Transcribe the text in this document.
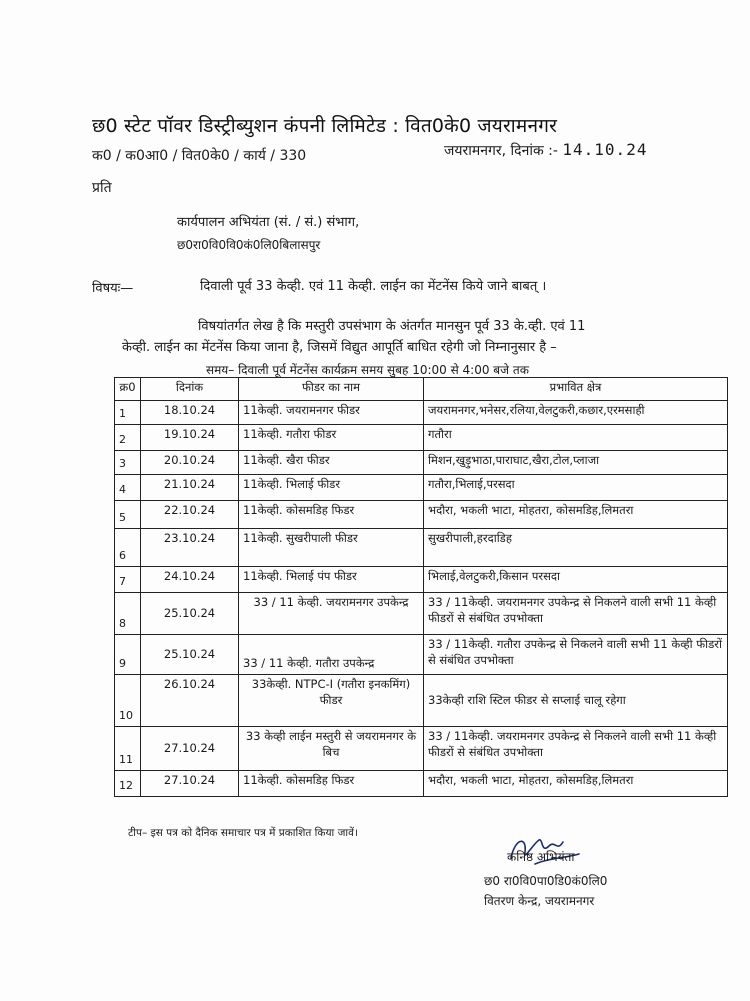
छ0 स्टेट पॉवर डिस्ट्रीब्युशन कंपनी लिमिटेड : वित0के0 जयरामनगर
क0 / क0आ0 / वित0के0 / कार्य / 330	जयरामनगर, दिनांक :- 14.10.24
प्रति
कार्यपालन अभियंता (सं. / सं.) संभाग,
छ0रा0वि0वि0कं0लि0बिलासपुर
विषयः—	दिवाली पूर्व 33 केव्ही. एवं 11 केव्ही. लाईन का मेंटनेंस किये जाने बाबत् ।
विषयांतर्गत लेख है कि मस्तुरी उपसंभाग के अंतर्गत मानसुन पूर्व 33 के.व्ही. एवं 11
केव्ही. लाईन का मेंटनेंस किया जाना है, जिसमें विद्युत आपूर्ति बाधित रहेगी जो निम्नानुसार है –
समय– दिवाली पूर्व मेंटनेंस कार्यक्रम समय सुबह 10:00 से 4:00 बजे तक
क्र0	दिनांक	फीडर का नाम	प्रभावित क्षेत्र
1	18.10.24	11केव्ही. जयरामनगर फीडर	जयरामनगर,भनेसर,रलिया,वेलटुकरी,कछार,एरमसाही
2	19.10.24	11केव्ही. गतौरा फीडर	गतौरा
3	20.10.24	11केव्ही. खैरा फीडर	मिशन,खुड़ुभाठा,पाराघाट,खैरा,टोल,प्लाजा
4	21.10.24	11केव्ही. भिलाई फीडर	गतौरा,भिलाई,परसदा
5	22.10.24	11केव्ही. कोसमडिह फिडर	भदौरा, भकली भाटा, मोहतरा, कोसमडिह,लिमतरा
6	23.10.24	11केव्ही. सुखरीपाली फीडर	सुखरीपाली,हरदाडिह
7	24.10.24	11केव्ही. भिलाई पंप फीडर	भिलाई,वेलटुकरी,किसान परसदा
8	25.10.24	33 / 11 केव्ही. जयरामनगर उपकेन्द्र	33 / 11केव्ही. जयरामनगर उपकेन्द्र से निकलने वाली सभी 11 केव्ही फीडरों से संबंधित उपभोक्ता
9	25.10.24	33 / 11 केव्ही. गतौरा उपकेन्द्र	33 / 11केव्ही. गतौरा उपकेन्द्र से निकलने वाली सभी 11 केव्ही फीडरों से संबंधित उपभोक्ता
10	26.10.24	33केव्ही. NTPC-I (गतौरा इनकमिंग) फीडर	33केव्ही राशि स्टिल फीडर से सप्लाई चालू रहेगा
11	27.10.24	33 केव्ही लाईन मस्तुरी से जयरामनगर के बिच	33 / 11केव्ही. जयरामनगर उपकेन्द्र से निकलने वाली सभी 11 केव्ही फीडरों से संबंधित उपभोक्ता
12	27.10.24	11केव्ही. कोसमडिह फिडर	भदौरा, भकली भाटा, मोहतरा, कोसमडिह,लिमतरा
टीप– इस पत्र को दैनिक समाचार पत्र में प्रकाशित किया जावें।
कनिष्ठ अभियंता
छ0 रा0वि0पा0डि0कं0लि0
वितरण केन्द्र, जयरामनगर
